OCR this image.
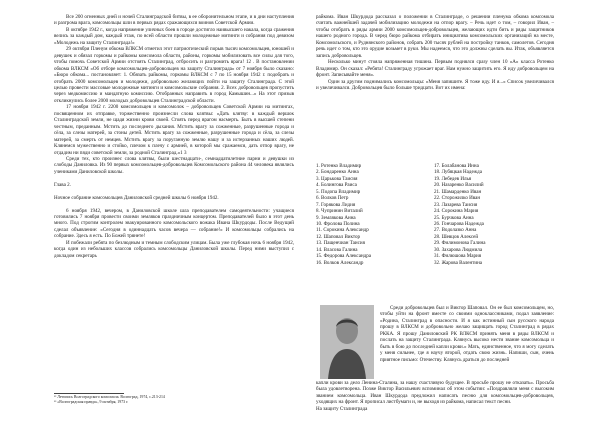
Все 200 огненных дней и ночей Сталинградской битвы, в ее оборонительном этапе, и в дни наступления и разгрома врага, комсомольцы шли в первых рядах сражающихся воинов Советской Армии.

В октябре 1942 г., когда напряжение уличных боев в городе достигло наивысшего накала, когда сражения велись за каждый дом, каждый этаж, по всей области прошли молодежные митинги и собрания под девизом «Молодежь на защиту Сталинграда!»

29 октября Пленум обкома ВЛКСМ отметил этот патриотический порыв тысяч комсомольцев, юношей и девушек и обязал горкомы и райкомы комсомола области, районы, горкомы мобилизовать все силы для того, чтобы помочь Советской Армии отстоять Сталинград, отбросить и разгромить врага! 12 . В постановлении обкома ВЛКСМ «Об отборе комсомольцев-добровольцев на защиту Сталинграда» от 7 ноября было сказано: «Бюро обкома... постановляет: 1. Обязать райкомы, горкомы ВЛКСМ с 7 по 15 ноября 1942 г. подобрать и отобрать 2000 комсомольцев и молодежи, добровольно желающих пойти на защиту Сталинграда. С этой целью провести массовые молодежные митинги и комсомольские собрания. 2. Всех добровольцев пропустить через медкомиссию и мандатную комиссию. Отобранных направить в город Камышин...» На этот призыв откликнулись более 2000 молодых добровольцев Сталинградской области.

17 ноября 1942 г. 2200 комсомольцев и комсомолок – добровольцев Советской Армии на митингах, посвященном их отправке, торжественно произнесли слова клятвы: «Дать клятву: в каждый вершок Сталинградской земли, не щадя жизни крови своей. Стоять перед врагом насмерть. Быть в высшей степени честным, преданным. Мстить до последнего дыхания. Мстить врагу за сожженные, разрушенные города и сёла, за слезы матерей, за стоны детей. Мстить врагу за сожженные, разрушенные города и сёла, за слезы матерей, за смерть от немцев. Мстить врагу за поруганную землю нашу и за истерзанных наших людей. Клянемся мужественно и стойко, плечом к плечу с армией, в которой мы сражаемся, дать отпор врагу, не отдадим ни пяди советской земли, за родной Сталинград.»1 3

Среди тех, кто произнес слова клятвы, были шестнадцати-, семнадцатилетние парни и девушки из слободы Даниловка. Из 90 первых комсомольцев-добровольцев Комсомольского района 44 человека являлись учениками Даниловской школы.

Глава 2.

Ночное собрание комсомольцев Даниловской средней школы 6 ноября 1942.

6 ноября 1942, вечером, в Даниловской школе шла преподавателем самодеятельности: учащиеся готовились 7 ноября провести своими земляков праздничным концертом. Преподавателей было в этот день много. Под строгим контролем эвакуированного комсомольского вожака Ивана Шкурдоды. После Ведущий сделал объявление: «Сегодня в одиннадцать часов вечера — собрание!» И комсомольцы собрались на собрание. Здесь я есть. По Божей трянете!

И побежали ребята по безлюдным и темным слободским улицам. Была уже глубокая ночь 6 ноября 1942, когда один из небольших классов собрались комсомольцы Даниловской школы. Перед ними выступил с докладом секретарь

¹² Летопись Волгоградского комсомола. Волгоград, 1974, с.213-214
¹³ «Волгоградская правда», 9 октября, 1973 г.

райкома. Иван Шкурдода рассказал о положении в Сталинграде, о решении пленума обкома комсомола считать важнейшей задачей мобилизацию молодежи на отпор врагу. – Речь идет о том, – говорил Иван, – чтобы отобрать в ряды армии 2000 комсомольцев-добровольцев, желающих идти бить и ряды защитников нашего родного города. В черед бюро райкома отбирать инициатива комсомольских организаций на месте, Комсомольского, и Руднянского районов, собрать 200 тысяч рублей на постройку танков, самолетов. Сегодня речь идет о том, кто это орудие возьмет в руки. Мы надеемся, что это должны сделать вы. Итак, объявляется запись добровольцев.

Несколько минут стояла напряженная тишина. Первым поднялся сразу член 10 «А» класса Ротенко Владимир. Он сказал: «Ребята! Сталинграду угрожает враг. Нам нужно защитить его. Я иду добровольцем на фронт. Записывайте меня».

Один за другим поднимались комсомольцы: «Меня запишите. Я тоже иду. И я...» Список увеличивался и увеличивался. Добровольцев было больше тридцати. Вот их имена:

1. Ротенко Владимир	17. Болабанова Инна
2. Бондаренко Анна	18. Лубяцкая Надежда
3. Царькова Таисия	19. Лебедев Илья
4. Болингова Раиса	20. Назаренко Василий
5. Подопа Владимир	21. Шамарденко Иван
6. Волков Петр	22. Сторожилко Иван
7. Горякова Лидия	23. Лазарева Таисия
8. Чупринин Виталий	24. Сорокина Мария
9. Землякова Анна	25. Бурчкова Анна
10. Фролова Полина	26. Гончарова Надежда
11. Сорокина Александр	27. Водолазко Анна
12. Шаповал Виктор	28. Шевцов Алексей
13. Пащенчиан Таисия	29. Филимонова Галина
14. Власова Галина	30. Захарова Людмила
15. Федорова Александра	31. Филюшова Мария
16. Волков Александр	32. Жарова Валентина

Среди добровольцев был и Виктор Шаповал. Он ее был комсомольцем, но, чтобы уйти на фронт вместе со своими одноклассниками, подал заявление: «Родина, Сталинград в опасности. И я как истинный сын русского народа прошу в ВЛКСМ и добровольно желаю защищать город Сталинград в рядах РККА. Я прошу Даниловский РК ВЛКСМ принять меня в ряды ВЛКСМ и послать на защиту Сталинграда. Клянусь высоко нести звание комсомольца и быть в бою до последней капли крови.» Мать, единственное, что я могу сделать у меня сильнее, где я научу второй, отдать свою жизнь. Напиши, сын, очень приятное письмо: Отечеству. Клянусь драться до последней

капли крови за дело Ленина-Сталина, за нашу счастливую будущее. В просьбе прошу не отказать». Просьба была удовлетворена. Позже Виктор Васильевич вспоминал об этом событии: «Поздравляли меня с высоким званием комсомольца. Иван Шкурдода предложил написать песню для комсомольцев-добровольцев, уходящих на фронт. Я прописал листбумаги и, не выходя из райкома, написал текст песни.

На защиту Сталинграда
